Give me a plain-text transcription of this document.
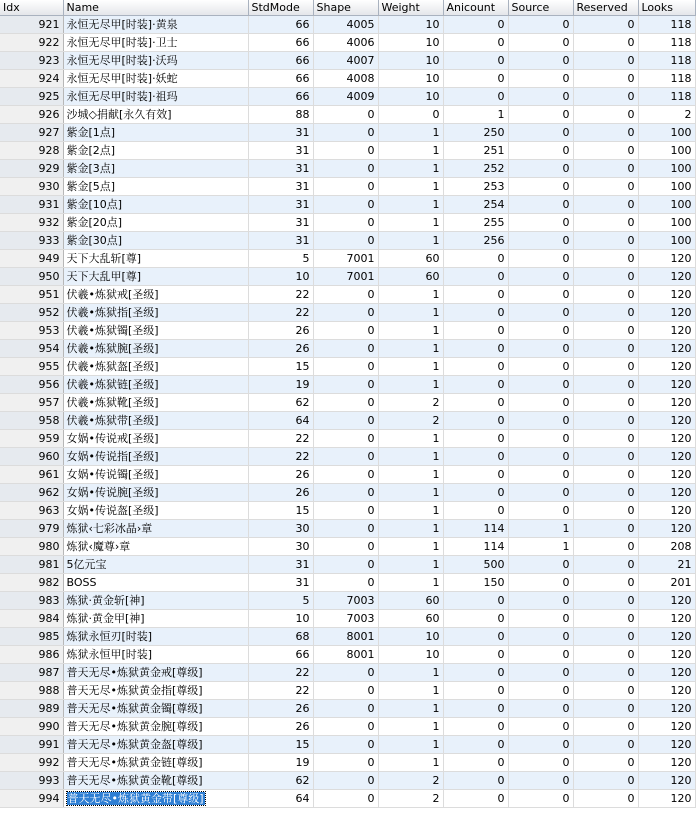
Idx	Name	StdMode	Shape	Weight	Anicount	Source	Reserved	Looks
921	永恒无尽甲[时装]·黄泉	66	4005	10	0	0	0	118
922	永恒无尽甲[时装]·卫士	66	4006	10	0	0	0	118
923	永恒无尽甲[时装]·沃玛	66	4007	10	0	0	0	118
924	永恒无尽甲[时装]·妖蛇	66	4008	10	0	0	0	118
925	永恒无尽甲[时装]·祖玛	66	4009	10	0	0	0	118
926	沙城◇捐献[永久有效]	88	0	0	1	0	0	2
927	紫金[1点]	31	0	1	250	0	0	100
928	紫金[2点]	31	0	1	251	0	0	100
929	紫金[3点]	31	0	1	252	0	0	100
930	紫金[5点]	31	0	1	253	0	0	100
931	紫金[10点]	31	0	1	254	0	0	100
932	紫金[20点]	31	0	1	255	0	0	100
933	紫金[30点]	31	0	1	256	0	0	100
949	天下大乱斩[尊]	5	7001	60	0	0	0	120
950	天下大乱甲[尊]	10	7001	60	0	0	0	120
951	伏羲•炼狱戒[圣级]	22	0	1	0	0	0	120
952	伏羲•炼狱指[圣级]	22	0	1	0	0	0	120
953	伏羲•炼狱镯[圣级]	26	0	1	0	0	0	120
954	伏羲•炼狱腕[圣级]	26	0	1	0	0	0	120
955	伏羲•炼狱盔[圣级]	15	0	1	0	0	0	120
956	伏羲•炼狱链[圣级]	19	0	1	0	0	0	120
957	伏羲•炼狱靴[圣级]	62	0	2	0	0	0	120
958	伏羲•炼狱带[圣级]	64	0	2	0	0	0	120
959	女娲•传说戒[圣级]	22	0	1	0	0	0	120
960	女娲•传说指[圣级]	22	0	1	0	0	0	120
961	女娲•传说镯[圣级]	26	0	1	0	0	0	120
962	女娲•传说腕[圣级]	26	0	1	0	0	0	120
963	女娲•传说盔[圣级]	15	0	1	0	0	0	120
979	炼狱‹七彩冰晶›章	30	0	1	114	1	0	120
980	炼狱‹魔尊›章	30	0	1	114	1	0	208
981	5亿元宝	31	0	1	500	0	0	21
982	BOSS	31	0	1	150	0	0	201
983	炼狱·黄金斩[神]	5	7003	60	0	0	0	120
984	炼狱·黄金甲[神]	10	7003	60	0	0	0	120
985	炼狱永恒刃[时装]	68	8001	10	0	0	0	120
986	炼狱永恒甲[时装]	66	8001	10	0	0	0	120
987	普天无尽•炼狱黄金戒[尊级]	22	0	1	0	0	0	120
988	普天无尽•炼狱黄金指[尊级]	22	0	1	0	0	0	120
989	普天无尽•炼狱黄金镯[尊级]	26	0	1	0	0	0	120
990	普天无尽•炼狱黄金腕[尊级]	26	0	1	0	0	0	120
991	普天无尽•炼狱黄金盔[尊级]	15	0	1	0	0	0	120
992	普天无尽•炼狱黄金链[尊级]	19	0	1	0	0	0	120
993	普天无尽•炼狱黄金靴[尊级]	62	0	2	0	0	0	120
994	普天无尽•炼狱黄金带[尊级]	64	0	2	0	0	0	120
